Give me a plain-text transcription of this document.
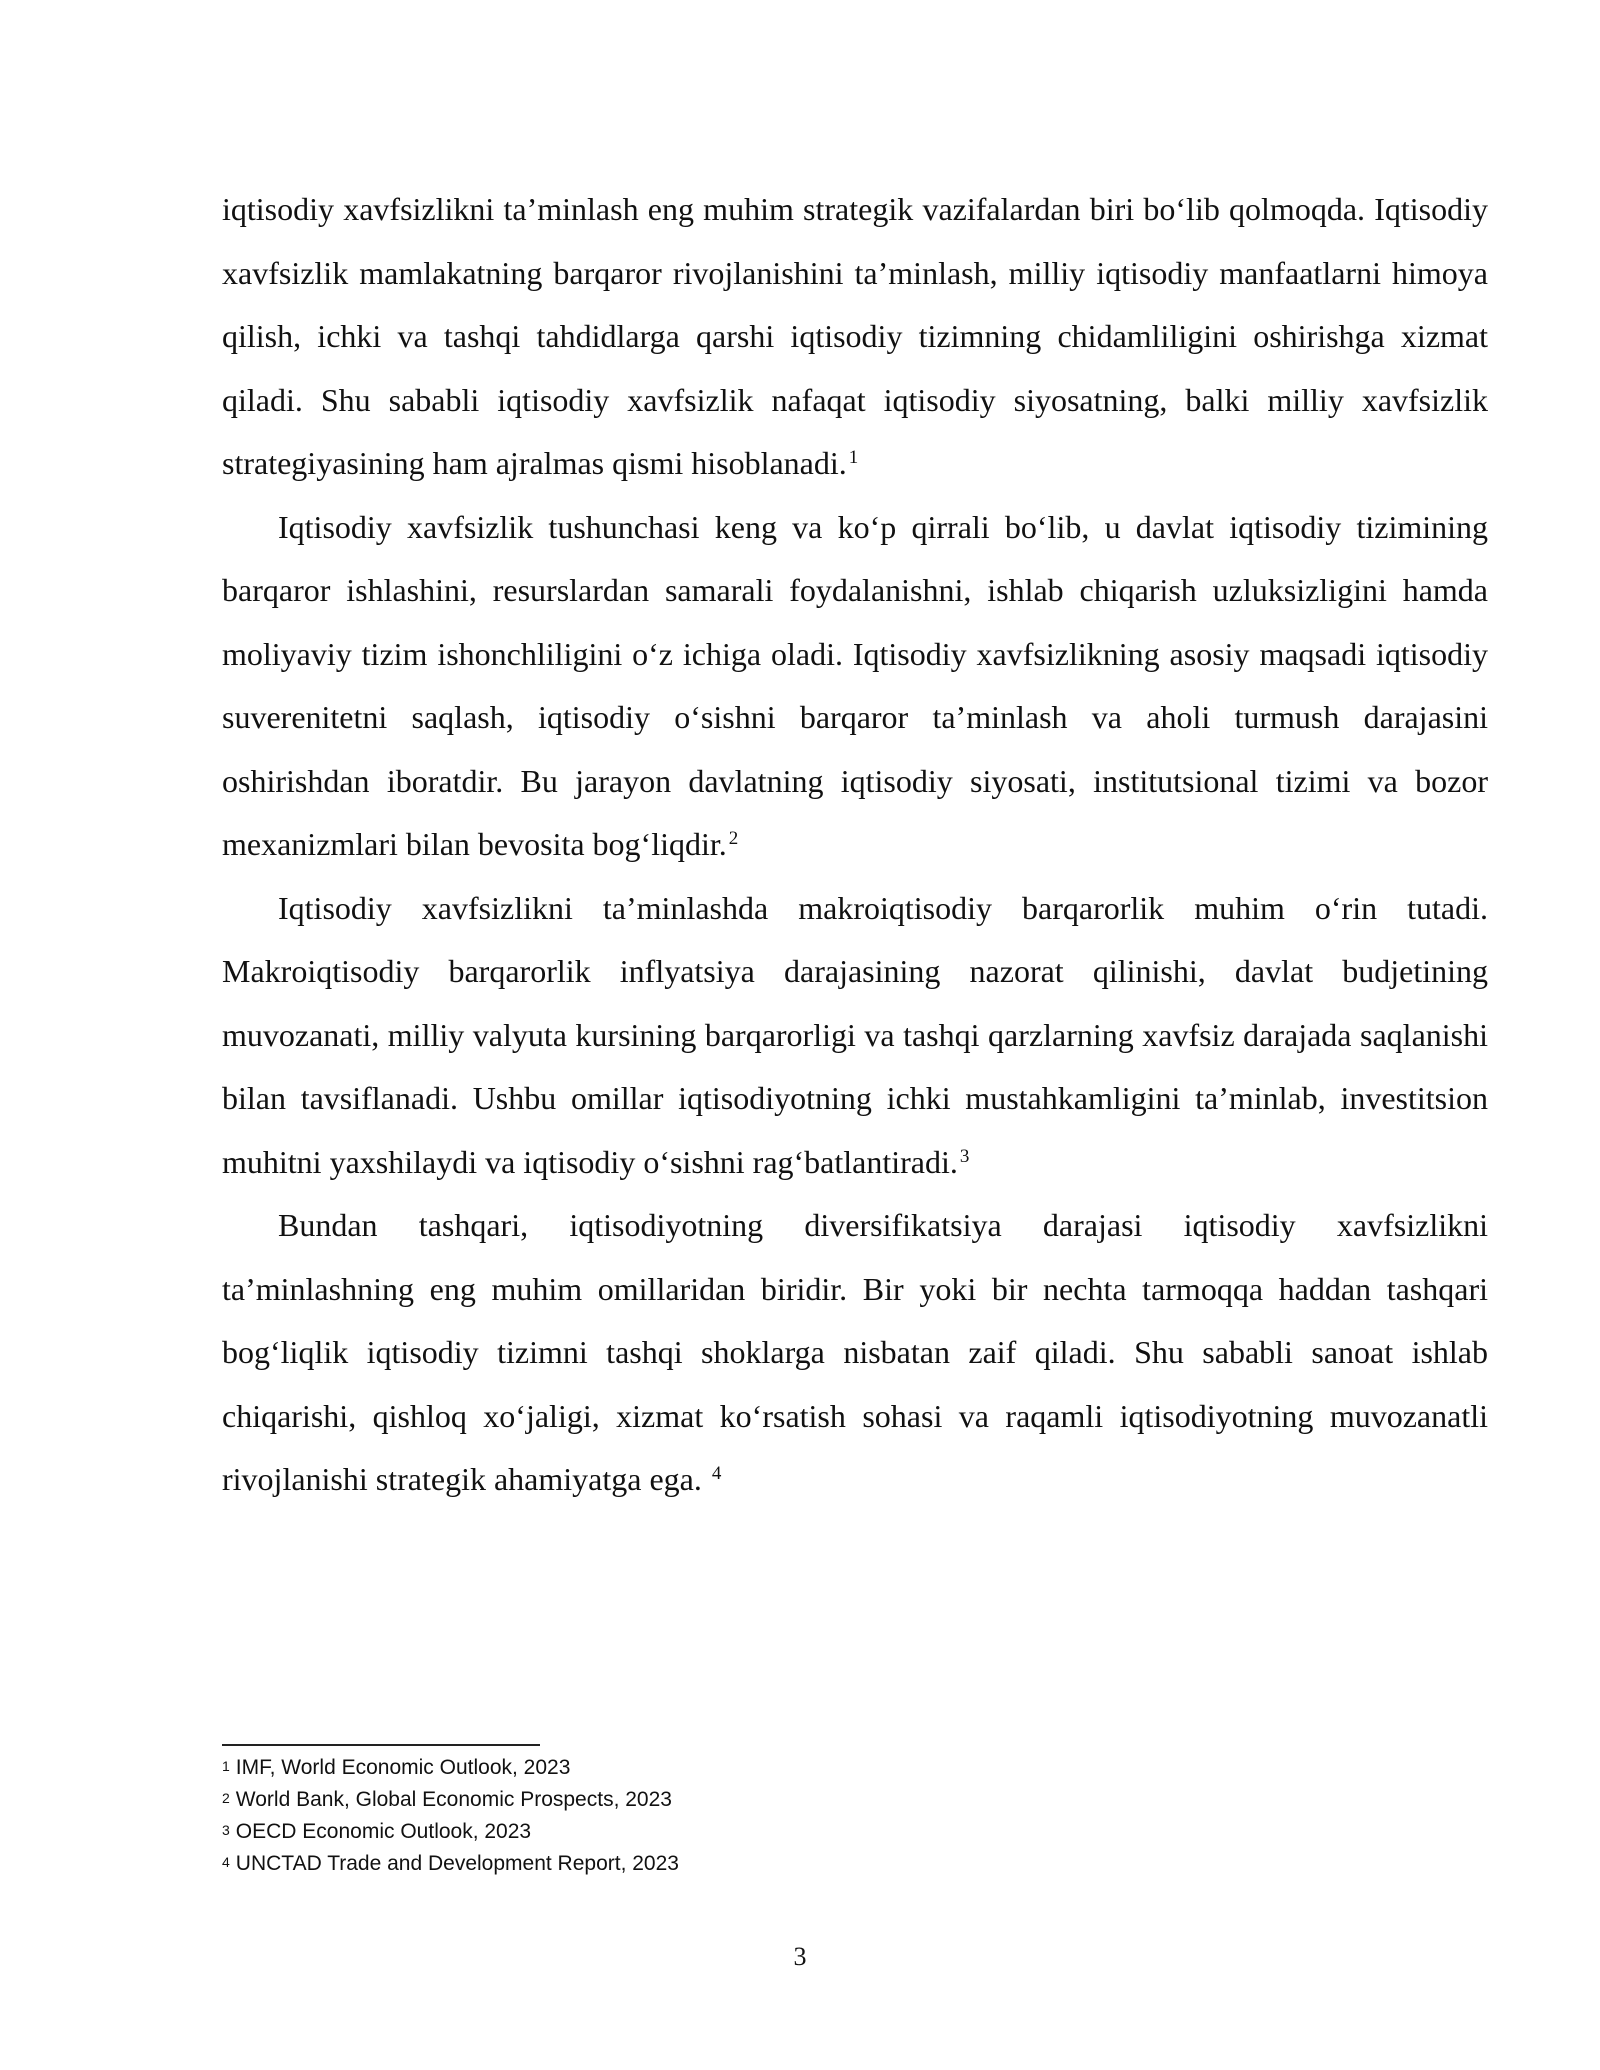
iqtisodiy xavfsizlikni ta’minlash eng muhim strategik vazifalardan biri bo‘lib qolmoqda. Iqtisodiy xavfsizlik mamlakatning barqaror rivojlanishini ta’minlash, milliy iqtisodiy manfaatlarni himoya qilish, ichki va tashqi tahdidlarga qarshi iqtisodiy tizimning chidamliligini oshirishga xizmat qiladi. Shu sababli iqtisodiy xavfsizlik nafaqat iqtisodiy siyosatning, balki milliy xavfsizlik strategiyasining ham ajralmas qismi hisoblanadi. $^1$

Iqtisodiy xavfsizlik tushunchasi keng va ko‘p qirrali bo‘lib, u davlat iqtisodiy tizimining barqaror ishlashini, resurslardan samarali foydalanishni, ishlab chiqarish uzluksizligini hamda moliyaviy tizim ishonchliligini o‘z ichiga oladi. Iqtisodiy xavfsizlikning asosiy maqsadi iqtisodiy suverenitetni saqlash, iqtisodiy o‘sishni barqaror ta’minlash va aholi turmush darajasini oshirishdan iboratdir. Bu jarayon davlatning iqtisodiy siyosati, institutsional tizimi va bozor mexanizmlari bilan bevosita bog‘liqdir. $^2$

Iqtisodiy xavfsizlikni ta’minlashda makroiqtisodiy barqarorlik muhim o‘rin tutadi. Makroiqtisodiy barqarorlik inflyatsiya darajasining nazorat qilinishi, davlat budjetining muvozanati, milliy valyuta kursining barqarorligi va tashqi qarzlarning xavfsiz darajada saqlanishi bilan tavsiflanadi. Ushbu omillar iqtisodiyotning ichki mustahkamligini ta’minlab, investitsion muhitni yaxshilaydi va iqtisodiy o‘sishni rag‘batlantiradi. $^3$

Bundan tashqari, iqtisodiyotning diversifikatsiya darajasi iqtisodiy xavfsizlikni ta’minlashning eng muhim omillaridan biridir. Bir yoki bir nechta tarmoqqa haddan tashqari bog‘liqlik iqtisodiy tizimni tashqi shoklarga nisbatan zaif qiladi. Shu sababli sanoat ishlab chiqarishi, qishloq xo‘jaligi, xizmat ko‘rsatish sohasi va raqamli iqtisodiyotning muvozanatli rivojlanishi strategik ahamiyatga ega. $^4$

$^1$ IMF, World Economic Outlook, 2023

$^2$ World Bank, Global Economic Prospects, 2023

$^3$ OECD Economic Outlook, 2023

$^4$ UNCTAD Trade and Development Report, 2023

3
